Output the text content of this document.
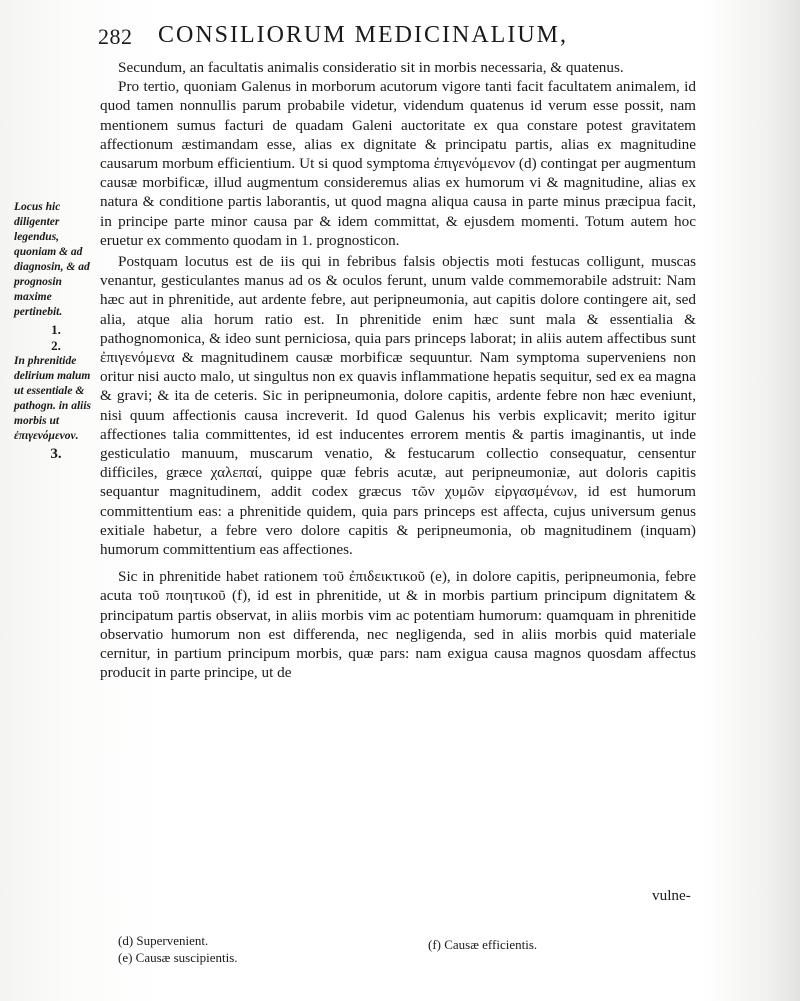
282 CONSILIORUM MEDICINALIUM,
Locus hic diligenter legendus, quoniam & ad diagnosin, & ad prognosin maxime pertinebit.
1.
2.
In phrenitide delirium malum ut essentiale & pathogn. in aliis morbis ut ἐπιγενόμενον.
3.

Secundum, an facultatis animalis consideratio sit in morbis necessaria, & quatenus.

Pro tertio, quoniam Galenus in morborum acutorum vigore tanti facit facultatem animalem, id quod tamen nonnullis parum probabile videtur, videndum quatenus id verum esse possit, nam mentionem sumus facturi de quadam Galeni auctoritate ex qua constare potest gravitatem affectionum æstimandam esse, alias ex dignitate & principatu partis, alias ex magnitudine causarum morbum efficientium. Ut si quod symptoma ἐπιγενόμενον (d) contingat per augmentum causæ morbificæ, illud augmentum consideremus alias ex humorum vi & magnitudine, alias ex natura & conditione partis laborantis, ut quod magna aliqua causa in parte minus præcipua facit, in principe parte minor causa par & idem committat, & ejusdem momenti. Totum autem hoc eruetur ex commento quodam in 1. prognosticon.

Postquam locutus est de iis qui in febribus falsis objectis moti festucas colligunt, muscas venantur, gesticulantes manus ad os & oculos ferunt, unum valde commemorabile adstruit: Nam hæc aut in phrenitide, aut ardente febre, aut peripneumonia, aut capitis dolore contingere ait, sed alia, atque alia horum ratio est. In phrenitide enim hæc sunt mala & essentialia & pathognomonica, & ideo sunt perniciosa, quia pars princeps laborat; in aliis autem affectibus sunt ἐπιγενόμενα & magnitudinem causæ morbificæ sequuntur. Nam symptoma superveniens non oritur nisi aucto malo, ut singultus non ex quavis inflammatione hepatis sequitur, sed ex ea magna & gravi; & ita de ceteris. Sic in peripneumonia, dolore capitis, ardente febre non hæc eveniunt, nisi quum affectionis causa increverit. Id quod Galenus his verbis explicavit; merito igitur affectiones talia committentes, id est inducentes errorem mentis & partis imaginantis, ut inde gesticulatio manuum, muscarum venatio, & festucarum collectio consequatur, censentur difficiles, græce χαλεπαί, quippe quæ febris acutæ, aut peripneumoniæ, aut doloris capitis sequantur magnitudinem, addit codex græcus τῶν χυμῶν εἰργασμένων, id est humorum committentium eas: a phrenitide quidem, quia pars princeps est affecta, cujus universum genus exitiale habetur, a febre vero dolore capitis & peripneumonia, ob magnitudinem (inquam) humorum committentium eas affectiones.

Sic in phrenitide habet rationem τοῦ ἐπιδεικτικοῦ (e), in dolore capitis, peripneumonia, febre acuta τοῦ ποιητικοῦ (f), id est in phrenitide, ut & in morbis partium principum dignitatem & principatum partis observat, in aliis morbis vim ac potentiam humorum: quamquam in phrenitide observatio humorum non est differenda, nec negligenda, sed in aliis morbis quid materiale cernitur, in partium principum morbis, quæ pars: nam exigua causa magnos quosdam affectus producit in parte principe, ut de

vulne-
(d) Supervenient.
(e) Causæ suscipientis.
(f) Causæ efficientis.
